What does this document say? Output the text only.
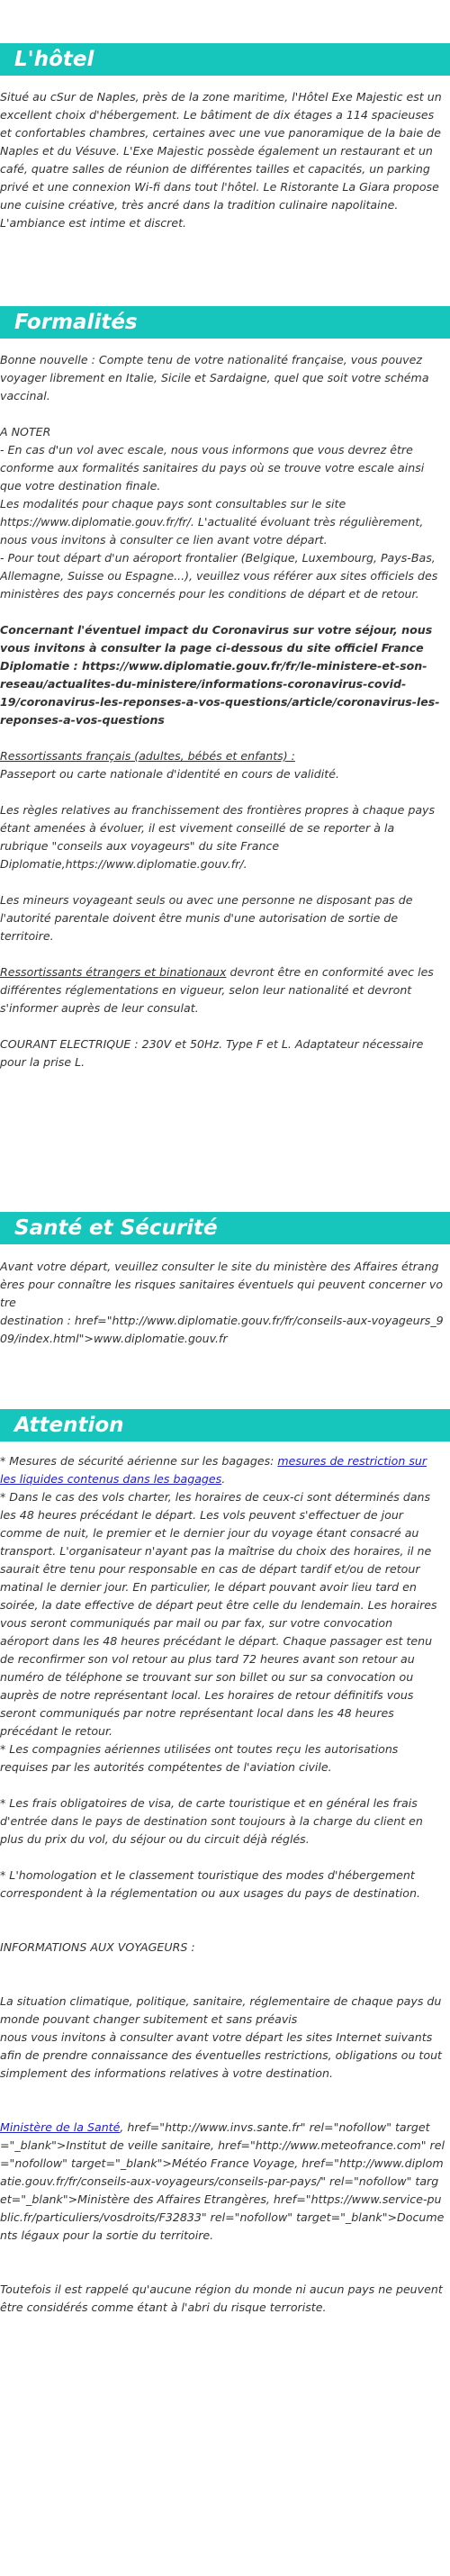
L'hôtel

Situé au cSur de Naples, près de la zone maritime, l'Hôtel Exe Majestic est un excellent choix d'hébergement. Le bâtiment de dix étages a 114 spacieuses et confortables chambres, certaines avec une vue panoramique de la baie de Naples et du Vésuve. L'Exe Majestic possède également un restaurant et un café, quatre salles de réunion de différentes tailles et capacités, un parking privé et une connexion Wi-fi dans tout l'hôtel. Le Ristorante La Giara propose une cuisine créative, très ancré dans la tradition culinaire napolitaine. L'ambiance est intime et discret.

Formalités

Bonne nouvelle : Compte tenu de votre nationalité française, vous pouvez voyager librement en Italie, Sicile et Sardaigne, quel que soit votre schéma vaccinal.

A NOTER

- En cas d'un vol avec escale, nous vous informons que vous devrez être conforme aux formalités sanitaires du pays où se trouve votre escale ainsi que votre destination finale.

Les modalités pour chaque pays sont consultables sur le site https://www.diplomatie.gouv.fr/fr/. L'actualité évoluant très régulièrement, nous vous invitons à consulter ce lien avant votre départ.

- Pour tout départ d'un aéroport frontalier (Belgique, Luxembourg, Pays-Bas, Allemagne, Suisse ou Espagne...), veuillez vous référer aux sites officiels des ministères des pays concernés pour les conditions de départ et de retour.

Concernant l'éventuel impact du Coronavirus sur votre séjour, nous vous invitons à consulter la page ci-dessous du site officiel France Diplomatie : https://www.diplomatie.gouv.fr/fr/le-ministere-et-son-reseau/actualites-du-ministere/informations-coronavirus-covid-19/coronavirus-les-reponses-a-vos-questions/article/coronavirus-les-reponses-a-vos-questions

Ressortissants français (adultes, bébés et enfants) :

Passeport ou carte nationale d'identité en cours de validité.

Les règles relatives au franchissement des frontières propres à chaque pays étant amenées à évoluer, il est vivement conseillé de se reporter à la rubrique "conseils aux voyageurs" du site France Diplomatie,https://www.diplomatie.gouv.fr/.

Les mineurs voyageant seuls ou avec une personne ne disposant pas de l'autorité parentale doivent être munis d'une autorisation de sortie de territoire.

Ressortissants étrangers et binationaux devront être en conformité avec les différentes réglementations en vigueur, selon leur nationalité et devront s'informer auprès de leur consulat.

COURANT ELECTRIQUE : 230V et 50Hz. Type F et L. Adaptateur nécessaire pour la prise L.

Santé et Sécurité

Avant votre départ, veuillez consulter le site du ministère des Affaires étrangères pour connaître les risques sanitaires éventuels qui peuvent concerner votre
destination : href="http://www.diplomatie.gouv.fr/fr/conseils-aux-voyageurs_909/index.html">www.diplomatie.gouv.fr

Attention

* Mesures de sécurité aérienne sur les bagages: mesures de restriction sur les liquides contenus dans les bagages.

* Dans le cas des vols charter, les horaires de ceux-ci sont déterminés dans les 48 heures précédant le départ. Les vols peuvent s'effectuer de jour comme de nuit, le premier et le dernier jour du voyage étant consacré au transport. L'organisateur n'ayant pas la maîtrise du choix des horaires, il ne saurait être tenu pour responsable en cas de départ tardif et/ou de retour matinal le dernier jour. En particulier, le départ pouvant avoir lieu tard en soirée, la date effective de départ peut être celle du lendemain. Les horaires vous seront communiqués par mail ou par fax, sur votre convocation aéroport dans les 48 heures précédant le départ. Chaque passager est tenu de reconfirmer son vol retour au plus tard 72 heures avant son retour au numéro de téléphone se trouvant sur son billet ou sur sa convocation ou auprès de notre représentant local. Les horaires de retour définitifs vous seront communiqués par notre représentant local dans les 48 heures précédant le retour.

* Les compagnies aériennes utilisées ont toutes reçu les autorisations requises par les autorités compétentes de l'aviation civile.

* Les frais obligatoires de visa, de carte touristique et en général les frais d'entrée dans le pays de destination sont toujours à la charge du client en plus du prix du vol, du séjour ou du circuit déjà réglés.

* L'homologation et le classement touristique des modes d'hébergement correspondent à la réglementation ou aux usages du pays de destination.

INFORMATIONS AUX VOYAGEURS :

La situation climatique, politique, sanitaire, réglementaire de chaque pays du monde pouvant changer subitement et sans préavis
nous vous invitons à consulter avant votre départ les sites Internet suivants afin de prendre connaissance des éventuelles restrictions, obligations ou tout simplement des informations relatives à votre destination.

Ministère de la Santé, href="http://www.invs.sante.fr" rel="nofollow" target="_blank">Institut de veille sanitaire, href="http://www.meteofrance.com" rel="nofollow" target="_blank">Météo France Voyage, href="http://www.diplomatie.gouv.fr/fr/conseils-aux-voyageurs/conseils-par-pays/" rel="nofollow" target="_blank">Ministère des Affaires Etrangères, href="https://www.service-public.fr/particuliers/vosdroits/F32833" rel="nofollow" target="_blank">Documents légaux pour la sortie du territoire.

Toutefois il est rappelé qu'aucune région du monde ni aucun pays ne peuvent être considérés comme étant à l'abri du risque terroriste.
